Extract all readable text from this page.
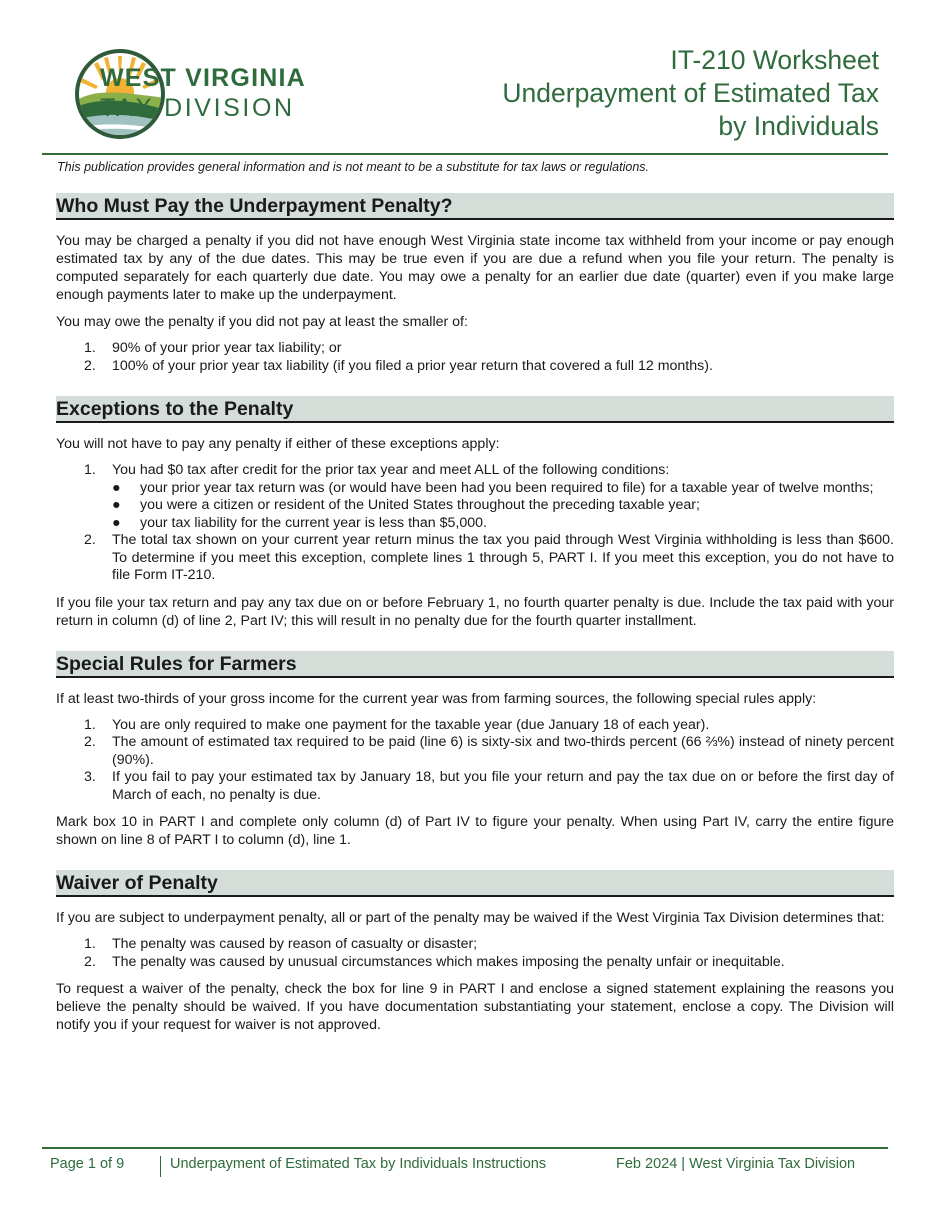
WEST VIRGINIA
TAX DIVISION
IT-210 Worksheet
Underpayment of Estimated Tax
by Individuals
This publication provides general information and is not meant to be a substitute for tax laws or regulations.
Who Must Pay the Underpayment Penalty?

You may be charged a penalty if you did not have enough West Virginia state income tax withheld from your income or pay enough estimated tax by any of the due dates. This may be true even if you are due a refund when you file your return. The penalty is computed separately for each quarterly due date. You may owe a penalty for an earlier due date (quarter) even if you make large enough payments later to make up the underpayment.

You may owe the penalty if you did not pay at least the smaller of:

1. 90% of your prior year tax liability; or
2. 100% of your prior year tax liability (if you filed a prior year return that covered a full 12 months).
Exceptions to the Penalty

You will not have to pay any penalty if either of these exceptions apply:

1. You had $0 tax after credit for the prior tax year and meet ALL of the following conditions:
● your prior year tax return was (or would have been had you been required to file) for a taxable year of twelve months;
● you were a citizen or resident of the United States throughout the preceding taxable year;
● your tax liability for the current year is less than $5,000.
2. The total tax shown on your current year return minus the tax you paid through West Virginia withholding is less than $600. To determine if you meet this exception, complete lines 1 through 5, PART I. If you meet this exception, you do not have to file Form IT-210.

If you file your tax return and pay any tax due on or before February 1, no fourth quarter penalty is due. Include the tax paid with your return in column (d) of line 2, Part IV; this will result in no penalty due for the fourth quarter installment.

Special Rules for Farmers

If at least two-thirds of your gross income for the current year was from farming sources, the following special rules apply:

1. You are only required to make one payment for the taxable year (due January 18 of each year).
2. The amount of estimated tax required to be paid (line 6) is sixty-six and two-thirds percent (66 ⅔%) instead of ninety percent (90%).
3. If you fail to pay your estimated tax by January 18, but you file your return and pay the tax due on or before the first day of March of each, no penalty is due.

Mark box 10 in PART I and complete only column (d) of Part IV to figure your penalty. When using Part IV, carry the entire figure shown on line 8 of PART I to column (d), line 1.

Waiver of Penalty

If you are subject to underpayment penalty, all or part of the penalty may be waived if the West Virginia Tax Division determines that:

1. The penalty was caused by reason of casualty or disaster;
2. The penalty was caused by unusual circumstances which makes imposing the penalty unfair or inequitable.

To request a waiver of the penalty, check the box for line 9 in PART I and enclose a signed statement explaining the reasons you believe the penalty should be waived. If you have documentation substantiating your statement, enclose a copy. The Division will notify you if your request for waiver is not approved.

Page 1 of 9	Underpayment of Estimated Tax by Individuals Instructions	Feb 2024 | West Virginia Tax Division
